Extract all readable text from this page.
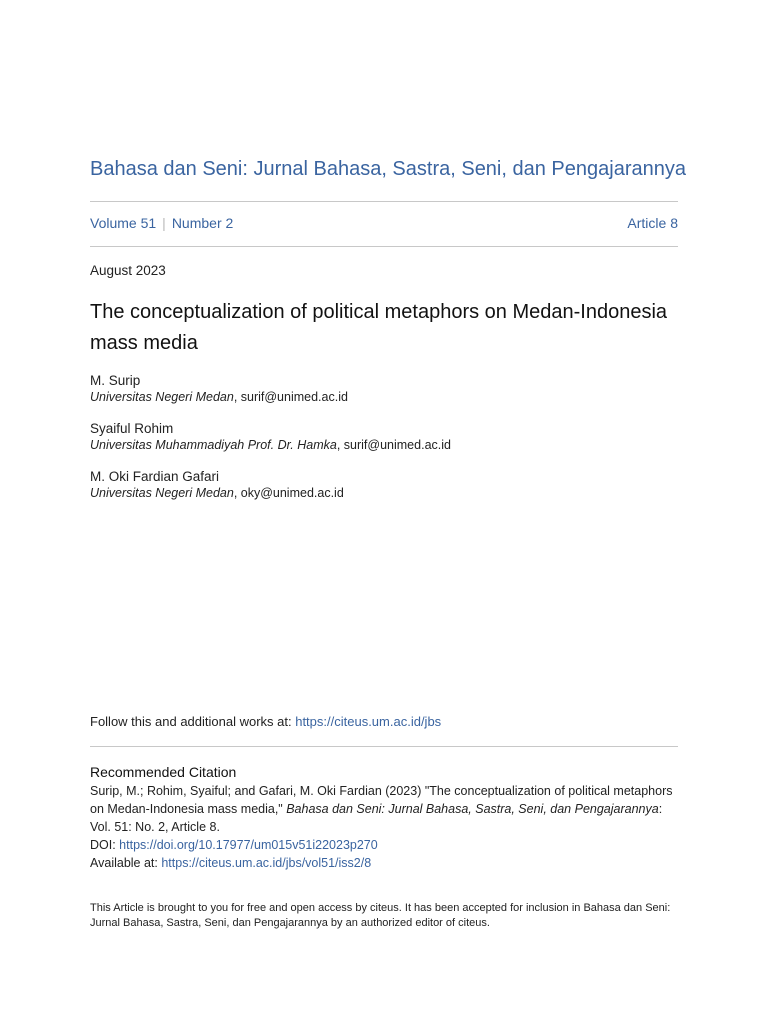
Bahasa dan Seni: Jurnal Bahasa, Sastra, Seni, dan Pengajarannya
Volume 51 | Number 2	Article 8
August 2023
The conceptualization of political metaphors on Medan-Indonesia mass media
M. Surip
Universitas Negeri Medan, surif@unimed.ac.id
Syaiful Rohim
Universitas Muhammadiyah Prof. Dr. Hamka, surif@unimed.ac.id
M. Oki Fardian Gafari
Universitas Negeri Medan, oky@unimed.ac.id
Follow this and additional works at: https://citeus.um.ac.id/jbs
Recommended Citation
Surip, M.; Rohim, Syaiful; and Gafari, M. Oki Fardian (2023) "The conceptualization of political metaphors on Medan-Indonesia mass media," Bahasa dan Seni: Jurnal Bahasa, Sastra, Seni, dan Pengajarannya: Vol. 51: No. 2, Article 8.
DOI: https://doi.org/10.17977/um015v51i22023p270
Available at: https://citeus.um.ac.id/jbs/vol51/iss2/8
This Article is brought to you for free and open access by citeus. It has been accepted for inclusion in Bahasa dan Seni: Jurnal Bahasa, Sastra, Seni, dan Pengajarannya by an authorized editor of citeus.
